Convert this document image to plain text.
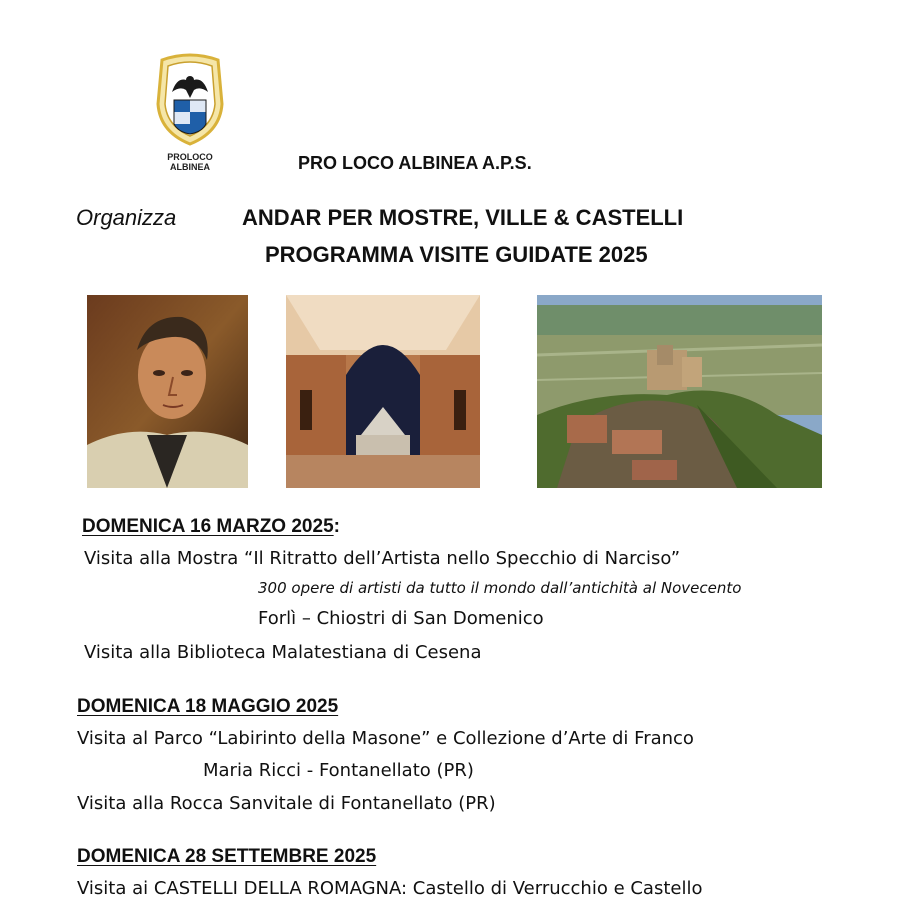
PROLOCO
ALBINEA	PRO LOCO ALBINEA A.P.S.
Organizza	ANDAR PER MOSTRE, VILLE & CASTELLI
PROGRAMMA VISITE GUIDATE 2025
DOMENICA 16 MARZO 2025:
Visita alla Mostra “Il Ritratto dell’Artista nello Specchio di Narciso”
300 opere di artisti da tutto il mondo dall’antichità al Novecento
Forlì – Chiostri di San Domenico
Visita alla Biblioteca Malatestiana di Cesena
DOMENICA 18 MAGGIO 2025
Visita al Parco “Labirinto della Masone” e Collezione d’Arte di Franco
Maria Ricci - Fontanellato (PR)
Visita alla Rocca Sanvitale di Fontanellato (PR)
DOMENICA 28 SETTEMBRE 2025
Visita ai CASTELLI DELLA ROMAGNA: Castello di Verrucchio e Castello
